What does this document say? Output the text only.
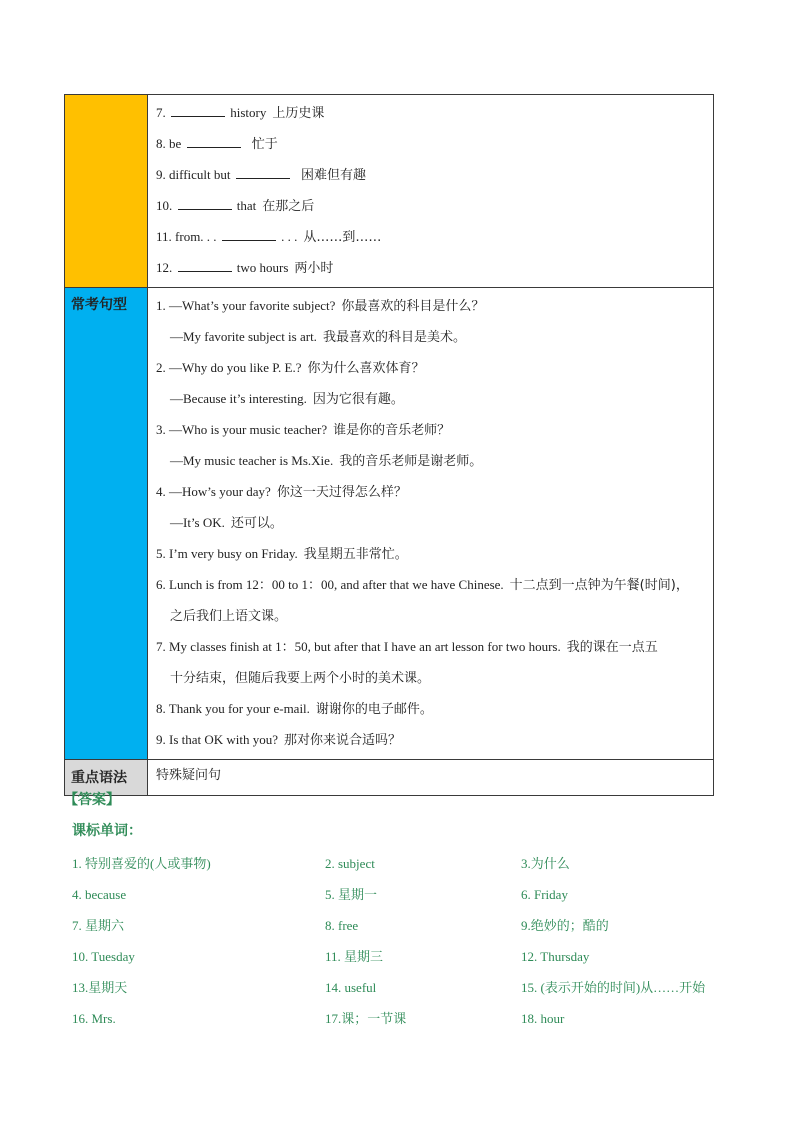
7.	history 上历史课
8. be	忙于
9. difficult but	困难但有趣
10.	that 在那之后
11. from. . .	. . . 从……到……
12.	two hours 两小时
常考句型	1. —What’s your favorite subject? 你最喜欢的科目是什么？
—My favorite subject is art. 我最喜欢的科目是美术。
2. —Why do you like P. E.? 你为什么喜欢体育？
—Because it’s interesting. 因为它很有趣。
3. —Who is your music teacher? 谁是你的音乐老师？
—My music teacher is Ms.Xie. 我的音乐老师是谢老师。
4. —How’s your day? 你这一天过得怎么样？
—It’s OK. 还可以。
5. I’m very busy on Friday. 我星期五非常忙。
6. Lunch is from 12：00 to 1：00, and after that we have Chinese. 十二点到一点钟为午餐(时间)，
之后我们上语文课。
7. My classes finish at 1：50, but after that I have an art lesson for two hours. 我的课在一点五
十分结束，但随后我要上两个小时的美术课。
8. Thank you for your e-mail. 谢谢你的电子邮件。
9. Is that OK with you? 那对你来说合适吗？
重点语法	特殊疑问句
【答案】
课标单词：
1. 特别喜爱的(人或事物)	2. subject	3.为什么
4. because	5. 星期一	6. Friday
7. 星期六	8. free	9.绝妙的；酷的
10. Tuesday	11. 星期三	12. Thursday
13.星期天	14. useful	15. (表示开始的时间)从……开始
16. Mrs.	17.课；一节课	18. hour
